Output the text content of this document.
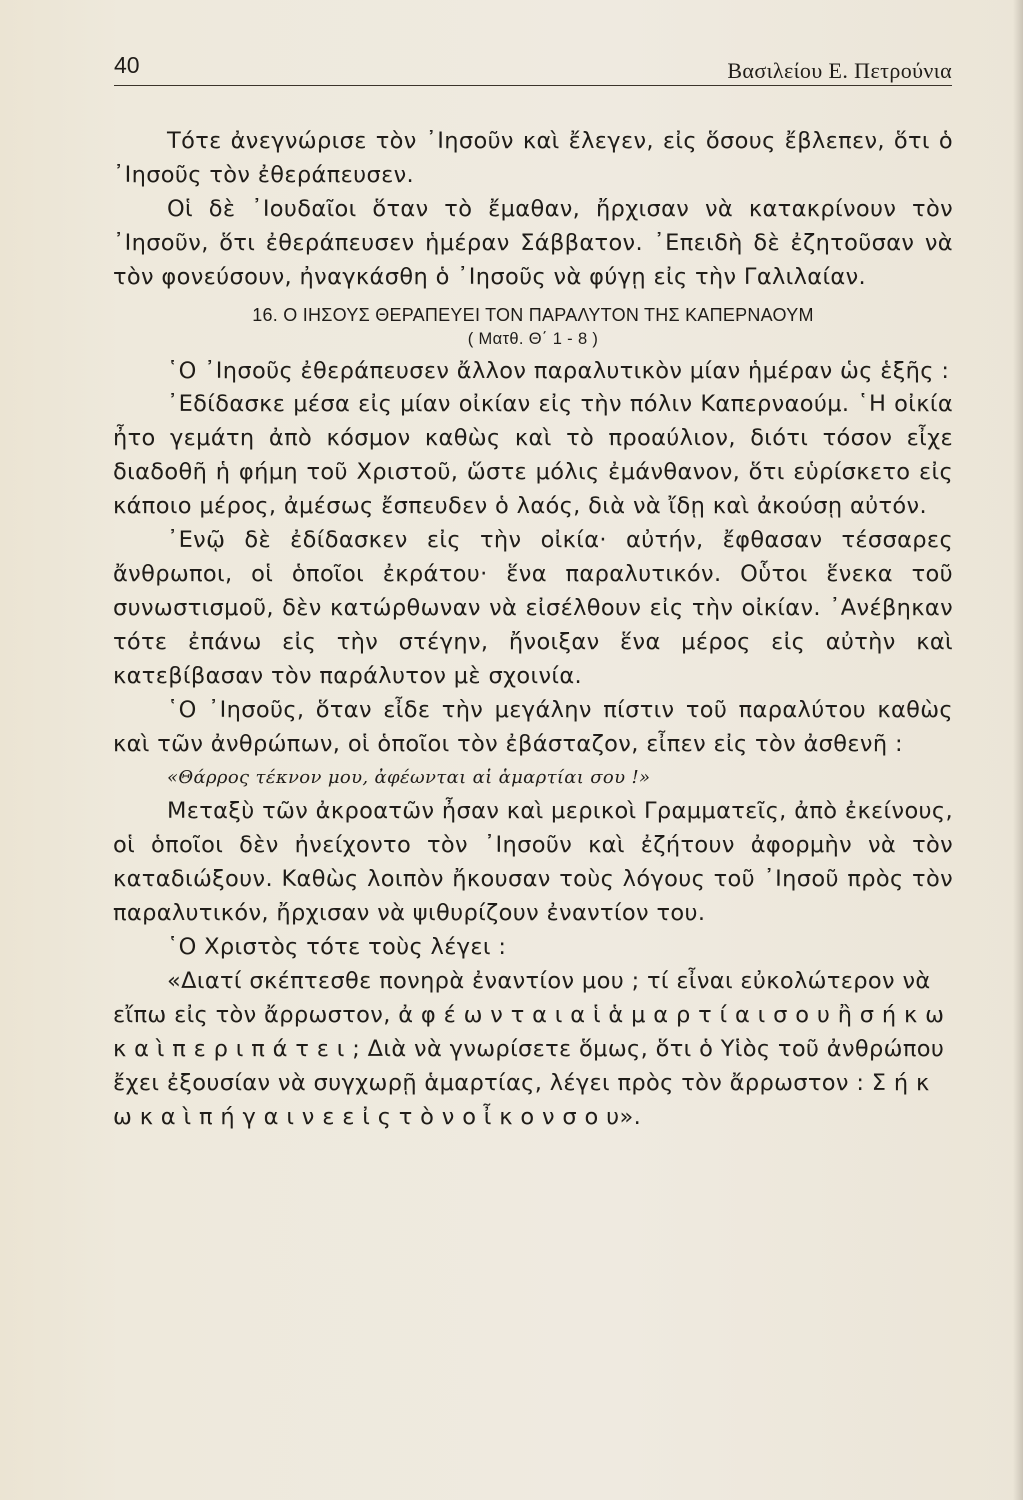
40	Βασιλείου Ε. Πετρούνια

Τότε ἀνεγνώρισε τὸν ᾿Ιησοῦν καὶ ἔλεγεν, εἰς ὅσους ἔβλεπεν, ὅτι ὁ ᾿Ιησοῦς τὸν ἐθεράπευσεν.

Οἱ δὲ ᾿Ιουδαῖοι ὅταν τὸ ἔμαθαν, ἤρχισαν νὰ κατακρίνουν τὸν ᾿Ιησοῦν, ὅτι ἐθεράπευσεν ἡμέραν Σάββατον. ᾿Επειδὴ δὲ ἐζητοῦσαν νὰ τὸν φονεύσουν, ἠναγκάσθη ὁ ᾿Ιησοῦς νὰ φύγῃ εἰς τὴν Γαλιλαίαν.

16. Ο ΙΗΣΟΥΣ ΘΕΡΑΠΕΥΕΙ ΤΟΝ ΠΑΡΑΛΥΤΟΝ ΤΗΣ ΚΑΠΕΡΝΑΟΥΜ

( Ματθ. Θ΄ 1 - 8 )

῾Ο ᾿Ιησοῦς ἐθεράπευσεν ἄλλον παραλυτικὸν μίαν ἡμέραν ὡς ἑξῆς :

᾿Εδίδασκε μέσα εἰς μίαν οἰκίαν εἰς τὴν πόλιν Καπερναούμ. ῾Η οἰκία ἦτο γεμάτη ἀπὸ κόσμον καθὼς καὶ τὸ προαύλιον, διότι τόσον εἶχε διαδοθῆ ἡ φήμη τοῦ Χριστοῦ, ὥστε μόλις ἐμάνθανον, ὅτι εὑρίσκετο εἰς κάποιο μέρος, ἀμέσως ἔσπευδεν ὁ λαός, διὰ νὰ ἴδῃ καὶ ἀκούσῃ αὐτόν.

᾿Ενῷ δὲ ἐδίδασκεν εἰς τὴν οἰκία· αὐτήν, ἔφθασαν τέσσαρες ἄνθρωποι, οἱ ὁποῖοι ἐκράτου· ἕνα παραλυτικόν. Οὗτοι ἕνεκα τοῦ συνωστισμοῦ, δὲν κατώρθωναν νὰ εἰσέλθουν εἰς τὴν οἰκίαν. ᾿Ανέβηκαν τότε ἐπάνω εἰς τὴν στέγην, ἤνοιξαν ἕνα μέρος εἰς αὐτὴν καὶ κατεβίβασαν τὸν παράλυτον μὲ σχοινία.

῾Ο ᾿Ιησοῦς, ὅταν εἶδε τὴν μεγάλην πίστιν τοῦ παραλύτου καθὼς καὶ τῶν ἀνθρώπων, οἱ ὁποῖοι τὸν ἐβάσταζον, εἶπεν εἰς τὸν ἀσθενῆ :

«Θάρρος τέκνον μου, ἀφέωνται αἱ ἁμαρτίαι σου !»

Μεταξὺ τῶν ἀκροατῶν ἦσαν καὶ μερικοὶ Γραμματεῖς, ἀπὸ ἐκείνους, οἱ ὁποῖοι δὲν ἠνείχοντο τὸν ᾿Ιησοῦν καὶ ἐζήτουν ἀφορμὴν νὰ τὸν καταδιώξουν. Καθὼς λοιπὸν ἤκουσαν τοὺς λόγους τοῦ ᾿Ιησοῦ πρὸς τὸν παραλυτικόν, ἤρχισαν νὰ ψιθυρίζουν ἐναντίον του.

῾Ο Χριστὸς τότε τοὺς λέγει :

«Διατί σκέπτεσθε πονηρὰ ἐναντίον μου ; τί εἶναι εὐκολώτερον νὰ εἴπω εἰς τὸν ἄρρωστον, ἀ φ έ ω ν τ α ι α ἱ ἁ μ α ρ τ ί α ι σ ο υ ἢ σ ή κ ω κ α ὶ π ε ρ ι π ά τ ε ι ; Διὰ νὰ γνωρίσετε ὅμως, ὅτι ὁ Υἱὸς τοῦ ἀνθρώπου ἔχει ἐξουσίαν νὰ συγχωρῇ ἁμαρτίας, λέγει πρὸς τὸν ἄρρωστον : Σ ή κ ω κ α ὶ π ή γ α ι ν ε ε ἰ ς τ ὸ ν ο ἶ κ ο ν σ ο υ».
